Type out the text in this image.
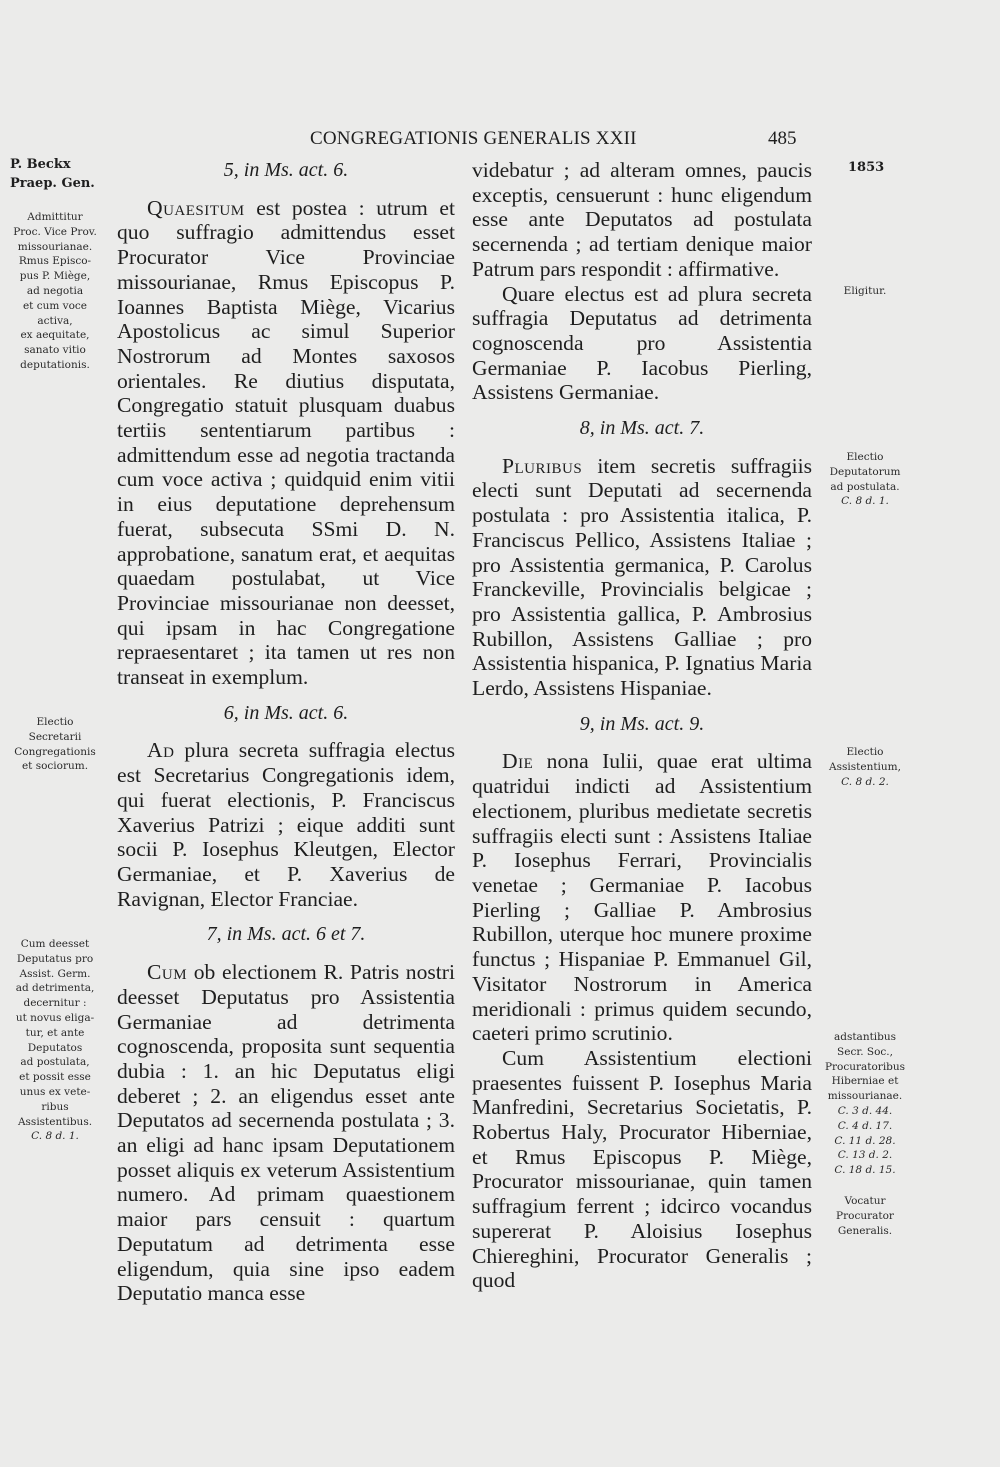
CONGREGATIONIS GENERALIS XXII	485
P. Beckx
Praep. Gen.
Admittitur
Proc. Vice Prov.
missourianae.
Rmus Episco-
pus P. Miège,
ad negotia
et cum voce
activa,
ex aequitate,
sanato vitio
deputationis.
Electio
Secretarii
Congregationis
et sociorum.
Cum deesset
Deputatus pro
Assist. Germ.
ad detrimenta,
decernitur :
ut novus eliga-
tur, et ante
Deputatos
ad postulata,
et possit esse
unus ex vete-
ribus
Assistentibus.
C. 8 d. 1.
1853
Eligitur.
Electio
Deputatorum
ad postulata.
C. 8 d. 1.
Electio
Assistentium,
C. 8 d. 2.
adstantibus
Secr. Soc.,
Procuratoribus
Hiberniae et
missourianae.
C. 3 d. 44.
C. 4 d. 17.
C. 11 d. 28.
C. 13 d. 2.
C. 18 d. 15.
Vocatur
Procurator
Generalis.
5, in Ms. act. 6.

Quaesitum est postea : utrum et quo suffragio admittendus esset Procurator Vice Provinciae missourianae, Rmus Episcopus P. Ioannes Baptista Miège, Vicarius Apostolicus ac simul Superior Nostrorum ad Montes saxosos orientales. Re diutius disputata, Congregatio statuit plusquam duabus tertiis sententiarum partibus : admittendum esse ad negotia tractanda cum voce activa ; quidquid enim vitii in eius deputatione deprehensum fuerat, subsecuta SSmi D. N. approbatione, sanatum erat, et aequitas quaedam postulabat, ut Vice Provinciae missourianae non deesset, qui ipsam in hac Congregatione repraesentaret ; ita tamen ut res non transeat in exemplum.

6, in Ms. act. 6.

Ad plura secreta suffragia electus est Secretarius Congregationis idem, qui fuerat electionis, P. Franciscus Xaverius Patrizi ; eique additi sunt socii P. Iosephus Kleutgen, Elector Germaniae, et P. Xaverius de Ravignan, Elector Franciae.

7, in Ms. act. 6 et 7.

Cum ob electionem R. Patris nostri deesset Deputatus pro Assistentia Germaniae ad detrimenta cognoscenda, proposita sunt sequentia dubia : 1. an hic Deputatus eligi deberet ; 2. an eligendus esset ante Deputatos ad secernenda postulata ; 3. an eligi ad hanc ipsam Deputationem posset aliquis ex veterum Assistentium numero. Ad primam quaestionem maior pars censuit : quartum Deputatum ad detrimenta esse eligendum, quia sine ipso eadem Deputatio manca esse

videbatur ; ad alteram omnes, paucis exceptis, censuerunt : hunc eligendum esse ante Deputatos ad postulata secernenda ; ad tertiam denique maior Patrum pars respondit : affirmative.

Quare electus est ad plura secreta suffragia Deputatus ad detrimenta cognoscenda pro Assistentia Germaniae P. Iacobus Pierling, Assistens Germaniae.

8, in Ms. act. 7.

Pluribus item secretis suffragiis electi sunt Deputati ad secernenda postulata : pro Assistentia italica, P. Franciscus Pellico, Assistens Italiae ; pro Assistentia germanica, P. Carolus Franckeville, Provincialis belgicae ; pro Assistentia gallica, P. Ambrosius Rubillon, Assistens Galliae ; pro Assistentia hispanica, P. Ignatius Maria Lerdo, Assistens Hispaniae.

9, in Ms. act. 9.

Die nona Iulii, quae erat ultima quatridui indicti ad Assistentium electionem, pluribus medietate secretis suffragiis electi sunt : Assistens Italiae P. Iosephus Ferrari, Provincialis venetae ; Germaniae P. Iacobus Pierling ; Galliae P. Ambrosius Rubillon, uterque hoc munere proxime functus ; Hispaniae P. Emmanuel Gil, Visitator Nostrorum in America meridionali : primus quidem secundo, caeteri primo scrutinio.

Cum Assistentium electioni praesentes fuissent P. Iosephus Maria Manfredini, Secretarius Societatis, P. Robertus Haly, Procurator Hiberniae, et Rmus Episcopus P. Miège, Procurator missourianae, quin tamen suffragium ferrent ; idcirco vocandus supererat P. Aloisius Iosephus Chiereghini, Procurator Generalis ; quod
